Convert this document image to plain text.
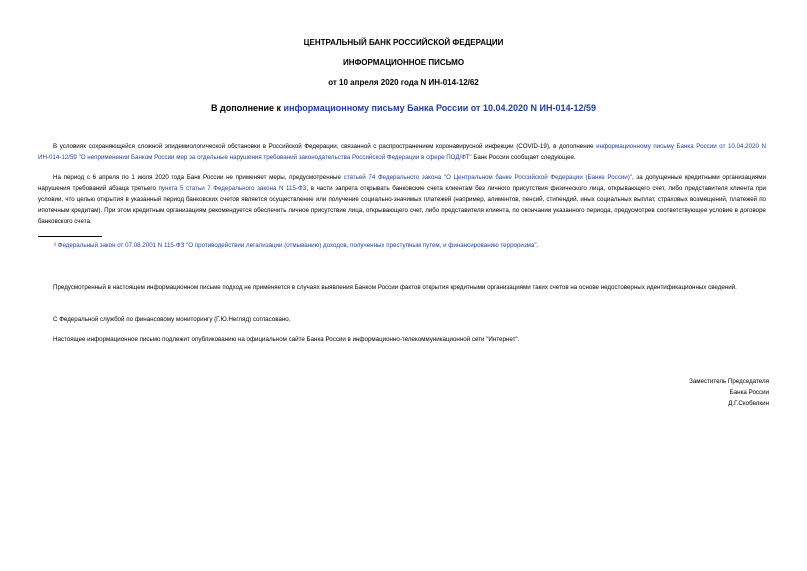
ЦЕНТРАЛЬНЫЙ БАНК РОССИЙСКОЙ ФЕДЕРАЦИИ
ИНФОРМАЦИОННОЕ ПИСЬМО
от 10 апреля 2020 года N ИН-014-12/62
В дополнение к информационному письму Банка России от 10.04.2020 N ИН-014-12/59
В условиях сохраняющейся сложной эпидемиологической обстановки в Российской Федерации, связанной с распространением коронавирусной инфекции (COVID-19), в дополнение информационному письму Банка России от 10.04.2020 N ИН-014-12/59 "О неприменении Банком России мер за отдельные нарушения требований законодательства Российской Федерации в сфере ПОД/ФТ" Банк России сообщает следующее.
На период с 6 апреля по 1 июля 2020 года Банк России не применяет меры, предусмотренные статьей 74 Федерального закона "О Центральном банке Российской Федерации (Банке России)", за допущенные кредитными организациями нарушения требований абзаца третьего пункта 5 статьи 7 Федерального закона N 115-ФЗ, в части запрета открывать банковские счета клиентам без личного присутствия физического лица, открывающего счет, либо представителя клиента при условии, что целью открытия в указанный период банковских счетов является осуществление или получение социально-значимых платежей (например, алиментов, пенсий, стипендий, иных социальных выплат, страховых возмещений, платежей по ипотечным кредитам). При этом кредитным организациям рекомендуется обеспечить личное присутствие лица, открывающего счет, либо представителя клиента, по окончании указанного периода, предусмотрев соответствующее условие в договоре банковского счета.
¹ Федеральный закон от 07.08.2001 N 115-ФЗ "О противодействии легализации (отмыванию) доходов, полученных преступным путем, и финансированию терроризма".
Предусмотренный в настоящем информационном письме подход не применяется в случаях выявления Банком России фактов открытия кредитными организациями таких счетов на основе недостоверных идентификационных сведений.
С Федеральной службой по финансовому мониторингу (Г.Ю.Негляд) согласовано.
Настоящее информационное письмо подлежит опубликованию на официальном сайте Банка России в информационно-телекоммуникационной сети "Интернет".
Заместитель Председателя
Банка России
Д.Г.Скобелкин
